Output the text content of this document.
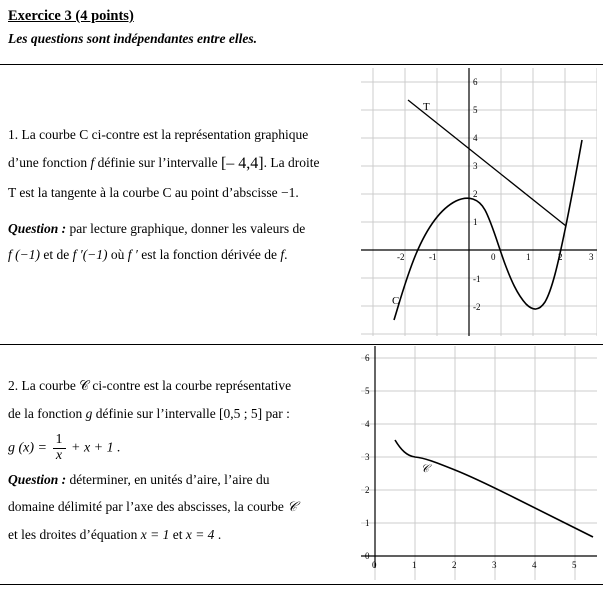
Exercice 3 (4 points)
Les questions sont indépendantes entre elles.
1. La courbe C ci-contre est la représentation graphique
d’une fonction f définie sur l’intervalle [– 4,4]. La droite
T est la tangente à la courbe C au point d’abscisse −1.
Question : par lecture graphique, donner les valeurs de
f (−1) et de f ′(−1) où f ′ est la fonction dérivée de f.
2. La courbe 𝒞 ci-contre est la courbe représentative
de la fonction g définie sur l’intervalle [0,5 ; 5] par :
g $(x) = \frac{1}{x} + x + 1$ .
Question : déterminer, en unités d’aire, l’aire du
domaine délimité par l’axe des abscisses, la courbe 𝒞
et les droites d’équation x = 1 et x = 4 .
-2	-1	0	1	2	3
6
5
4
3
2
1
-1
-2
T
C
0	1	2	3	4	5
6
5
4
3
2
1
0
𝒞
